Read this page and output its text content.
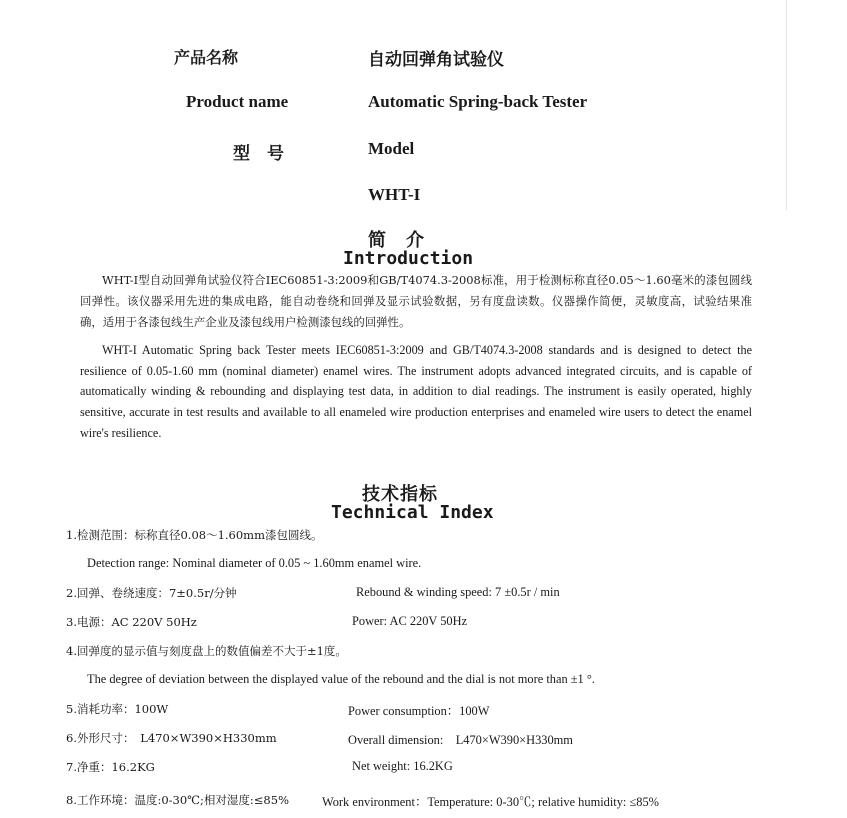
产品名称	自动回弹角试验仪
Product name	Automatic Spring-back Tester
型　号	Model
WHT-I
简　介
Introduction
WHT-I型自动回弹角试验仪符合IEC60851-3:2009和GB/T4074.3-2008标准，用于检测标称直径0.05～1.60毫米的漆包圆线回弹性。该仪器采用先进的集成电路，能自动卷绕和回弹及显示试验数据，另有度盘读数。仪器操作简便，灵敏度高，试验结果准确，适用于各漆包线生产企业及漆包线用户检测漆包线的回弹性。
WHT-I Automatic Spring back Tester meets IEC60851-3:2009 and GB/T4074.3-2008 standards and is designed to detect the resilience of 0.05-1.60 mm (nominal diameter) enamel wires. The instrument adopts advanced integrated circuits, and is capable of automatically winding & rebounding and displaying test data, in addition to dial readings. The instrument is easily operated, highly sensitive, accurate in test results and available to all enameled wire production enterprises and enameled wire users to detect the enamel wire's resilience.
技术指标
Technical Index
1.检测范围：标称直径0.08～1.60mm漆包圆线。
Detection range: Nominal diameter of 0.05 ~ 1.60mm enamel wire.
2.回弹、卷绕速度：7±0.5r/分钟	Rebound & winding speed: 7 ±0.5r / min
3.电源：AC 220V 50Hz	Power: AC 220V 50Hz
4.回弹度的显示值与刻度盘上的数值偏差不大于±1度。
The degree of deviation between the displayed value of the rebound and the dial is not more than ±1 °.
5.消耗功率：100W	Power consumption：100W
6.外形尺寸：　L470×W390×H330mm	Overall dimension:　L470×W390×H330mm
7.净重：16.2KG	Net weight: 16.2KG
8.工作环境：温度:0-30℃;相对湿度:≤85%	Work environment：Temperature: 0-30℃; relative humidity: ≤85%
